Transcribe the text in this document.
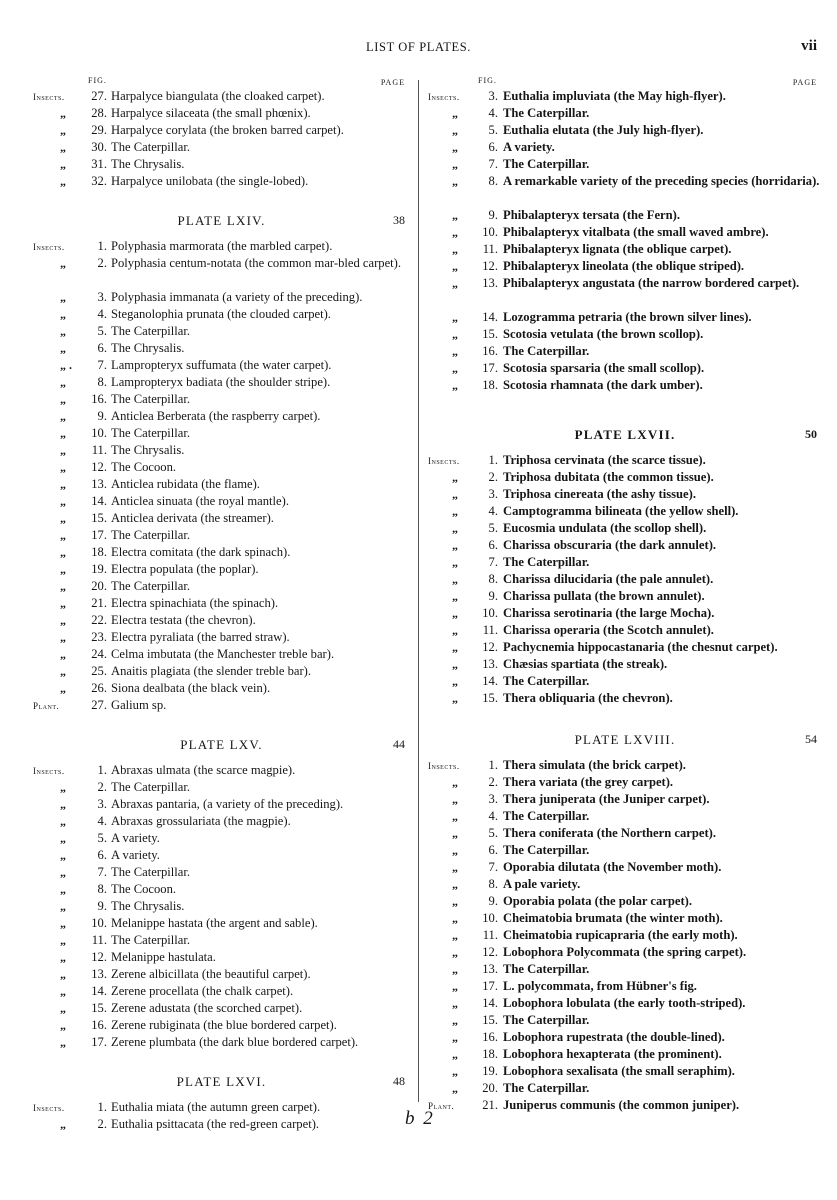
LIST OF PLATES.	vii
FIG.	PAGE
Insects.	27. Harpalyce biangulata (the cloaked carpet).
„	28. Harpalyce silaceata (the small phœnix).
„	29. Harpalyce corylata (the broken barred carpet).
„	30. The Caterpillar.
„	31. The Chrysalis.
„	32. Harpalyce unilobata (the single-lobed).
PLATE LXIV.	38
Insects.	1. Polyphasia marmorata (the marbled carpet).
„	2. Polyphasia centum-notata (the common mar-bled carpet).
„	3. Polyphasia immanata (a variety of the preceding).
„	4. Steganolophia prunata (the clouded carpet).
„	5. The Caterpillar.
„	6. The Chrysalis.
„ .	7. Lampropteryx suffumata (the water carpet).
„	8. Lampropteryx badiata (the shoulder stripe).
„	16. The Caterpillar.
„	9. Anticlea Berberata (the raspberry carpet).
„	10. The Caterpillar.
„	11. The Chrysalis.
„	12. The Cocoon.
„	13. Anticlea rubidata (the flame).
„	14. Anticlea sinuata (the royal mantle).
„	15. Anticlea derivata (the streamer).
„	17. The Caterpillar.
„	18. Electra comitata (the dark spinach).
„	19. Electra populata (the poplar).
„	20. The Caterpillar.
„	21. Electra spinachiata (the spinach).
„	22. Electra testata (the chevron).
„	23. Electra pyraliata (the barred straw).
„	24. Celma imbutata (the Manchester treble bar).
„	25. Anaitis plagiata (the slender treble bar).
„	26. Siona dealbata (the black vein).
Plant.	27. Galium sp.
PLATE LXV.	44
Insects.	1. Abraxas ulmata (the scarce magpie).
„	2. The Caterpillar.
„	3. Abraxas pantaria, (a variety of the preceding).
„	4. Abraxas grossulariata (the magpie).
„	5. A variety.
„	6. A variety.
„	7. The Caterpillar.
„	8. The Cocoon.
„	9. The Chrysalis.
„	10. Melanippe hastata (the argent and sable).
„	11. The Caterpillar.
„	12. Melanippe hastulata.
„	13. Zerene albicillata (the beautiful carpet).
„	14. Zerene procellata (the chalk carpet).
„	15. Zerene adustata (the scorched carpet).
„	16. Zerene rubiginata (the blue bordered carpet).
„	17. Zerene plumbata (the dark blue bordered carpet).
PLATE LXVI.	48
Insects.	1. Euthalia miata (the autumn green carpet).
„	2. Euthalia psittacata (the red-green carpet).
FIG.	PAGE
Insects.	3. Euthalia impluviata (the May high-flyer).
„	4. The Caterpillar.
„	5. Euthalia elutata (the July high-flyer).
„	6. A variety.
„	7. The Caterpillar.
„	8. A remarkable variety of the preceding species (horridaria).
„	9. Phibalapteryx tersata (the Fern).
„	10. Phibalapteryx vitalbata (the small waved ambre).
„	11. Phibalapteryx lignata (the oblique carpet).
„	12. Phibalapteryx lineolata (the oblique striped).
„	13. Phibalapteryx angustata (the narrow bordered carpet).
„	14. Lozogramma petraria (the brown silver lines).
„	15. Scotosia vetulata (the brown scollop).
„	16. The Caterpillar.
„	17. Scotosia sparsaria (the small scollop).
„	18. Scotosia rhamnata (the dark umber).
PLATE LXVII.	50
Insects.	1. Triphosa cervinata (the scarce tissue).
„	2. Triphosa dubitata (the common tissue).
„	3. Triphosa cinereata (the ashy tissue).
„	4. Camptogramma bilineata (the yellow shell).
„	5. Eucosmia undulata (the scollop shell).
„	6. Charissa obscuraria (the dark annulet).
„	7. The Caterpillar.
„	8. Charissa dilucidaria (the pale annulet).
„	9. Charissa pullata (the brown annulet).
„	10. Charissa serotinaria (the large Mocha).
„	11. Charissa operaria (the Scotch annulet).
„	12. Pachycnemia hippocastanaria (the chesnut carpet).
„	13. Chæsias spartiata (the streak).
„	14. The Caterpillar.
„	15. Thera obliquaria (the chevron).
PLATE LXVIII.	54
Insects.	1. Thera simulata (the brick carpet).
„	2. Thera variata (the grey carpet).
„	3. Thera juniperata (the Juniper carpet).
„	4. The Caterpillar.
„	5. Thera coniferata (the Northern carpet).
„	6. The Caterpillar.
„	7. Oporabia dilutata (the November moth).
„	8. A pale variety.
„	9. Oporabia polata (the polar carpet).
„	10. Cheimatobia brumata (the winter moth).
„	11. Cheimatobia rupicapraria (the early moth).
„	12. Lobophora Polycommata (the spring carpet).
„	13. The Caterpillar.
„	17. L. polycommata, from Hübner's fig.
„	14. Lobophora lobulata (the early tooth-striped).
„	15. The Caterpillar.
„	16. Lobophora rupestrata (the double-lined).
„	18. Lobophora hexapterata (the prominent).
„	19. Lobophora sexalisata (the small seraphim).
„	20. The Caterpillar.
Plant.	21. Juniperus communis (the common juniper).
b 2
